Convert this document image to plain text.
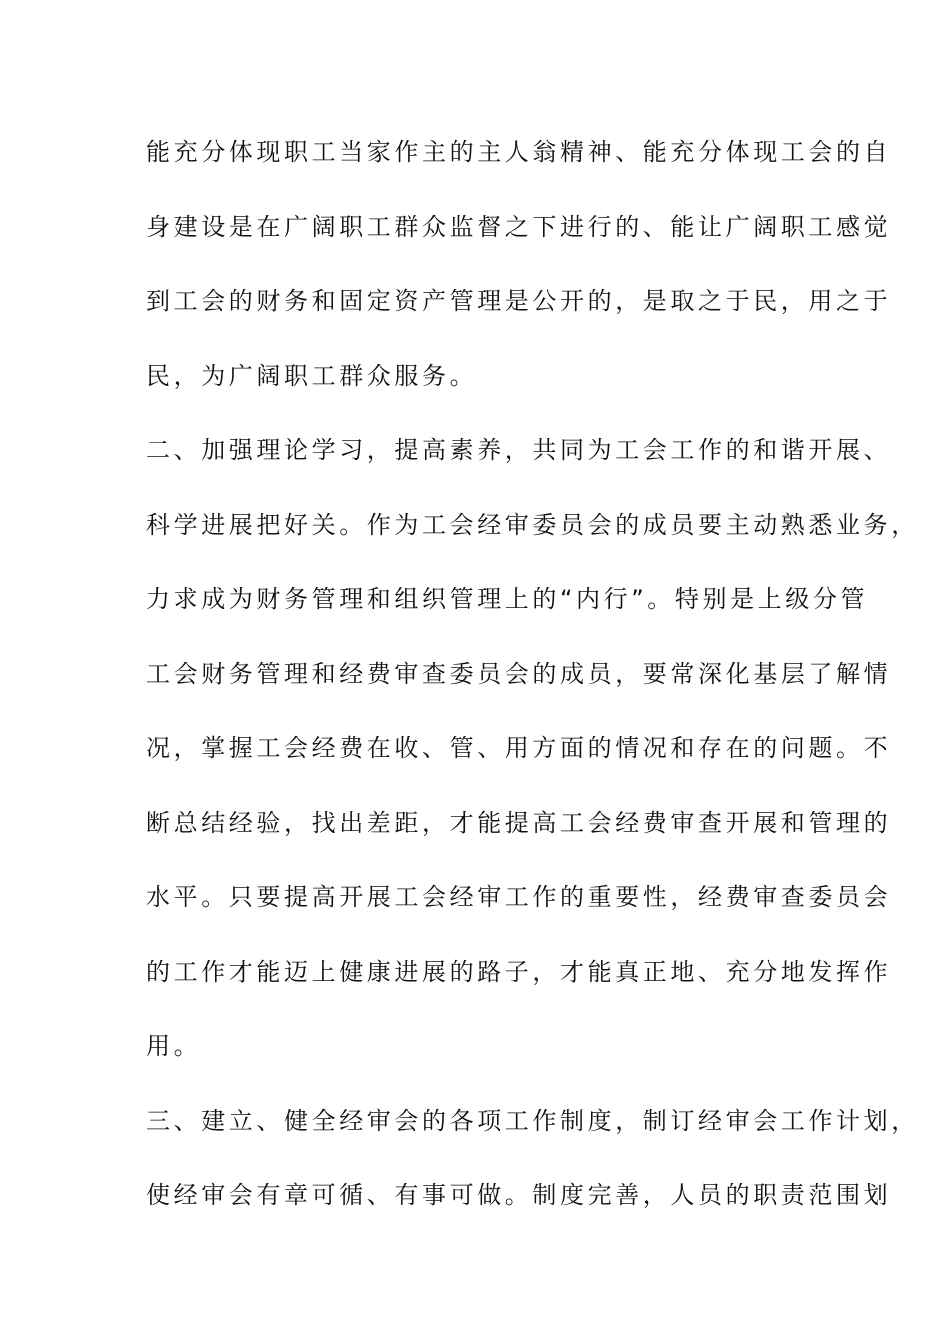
能充分体现职工当家作主的主人翁精神、能充分体现工会的自
身建设是在广阔职工群众监督之下进行的、能让广阔职工感觉
到工会的财务和固定资产管理是公开的，是取之于民，用之于
民，为广阔职工群众服务。
二、加强理论学习，提高素养，共同为工会工作的和谐开展、
科学进展把好关。作为工会经审委员会的成员要主动熟悉业务，
力求成为财务管理和组织管理上的“内行”。特别是上级分管
工会财务管理和经费审查委员会的成员，要常深化基层了解情
况，掌握工会经费在收、管、用方面的情况和存在的问题。不
断总结经验，找出差距，才能提高工会经费审查开展和管理的
水平。只要提高开展工会经审工作的重要性，经费审查委员会
的工作才能迈上健康进展的路子，才能真正地、充分地发挥作
用。
三、建立、健全经审会的各项工作制度，制订经审会工作计划，
使经审会有章可循、有事可做。制度完善，人员的职责范围划
